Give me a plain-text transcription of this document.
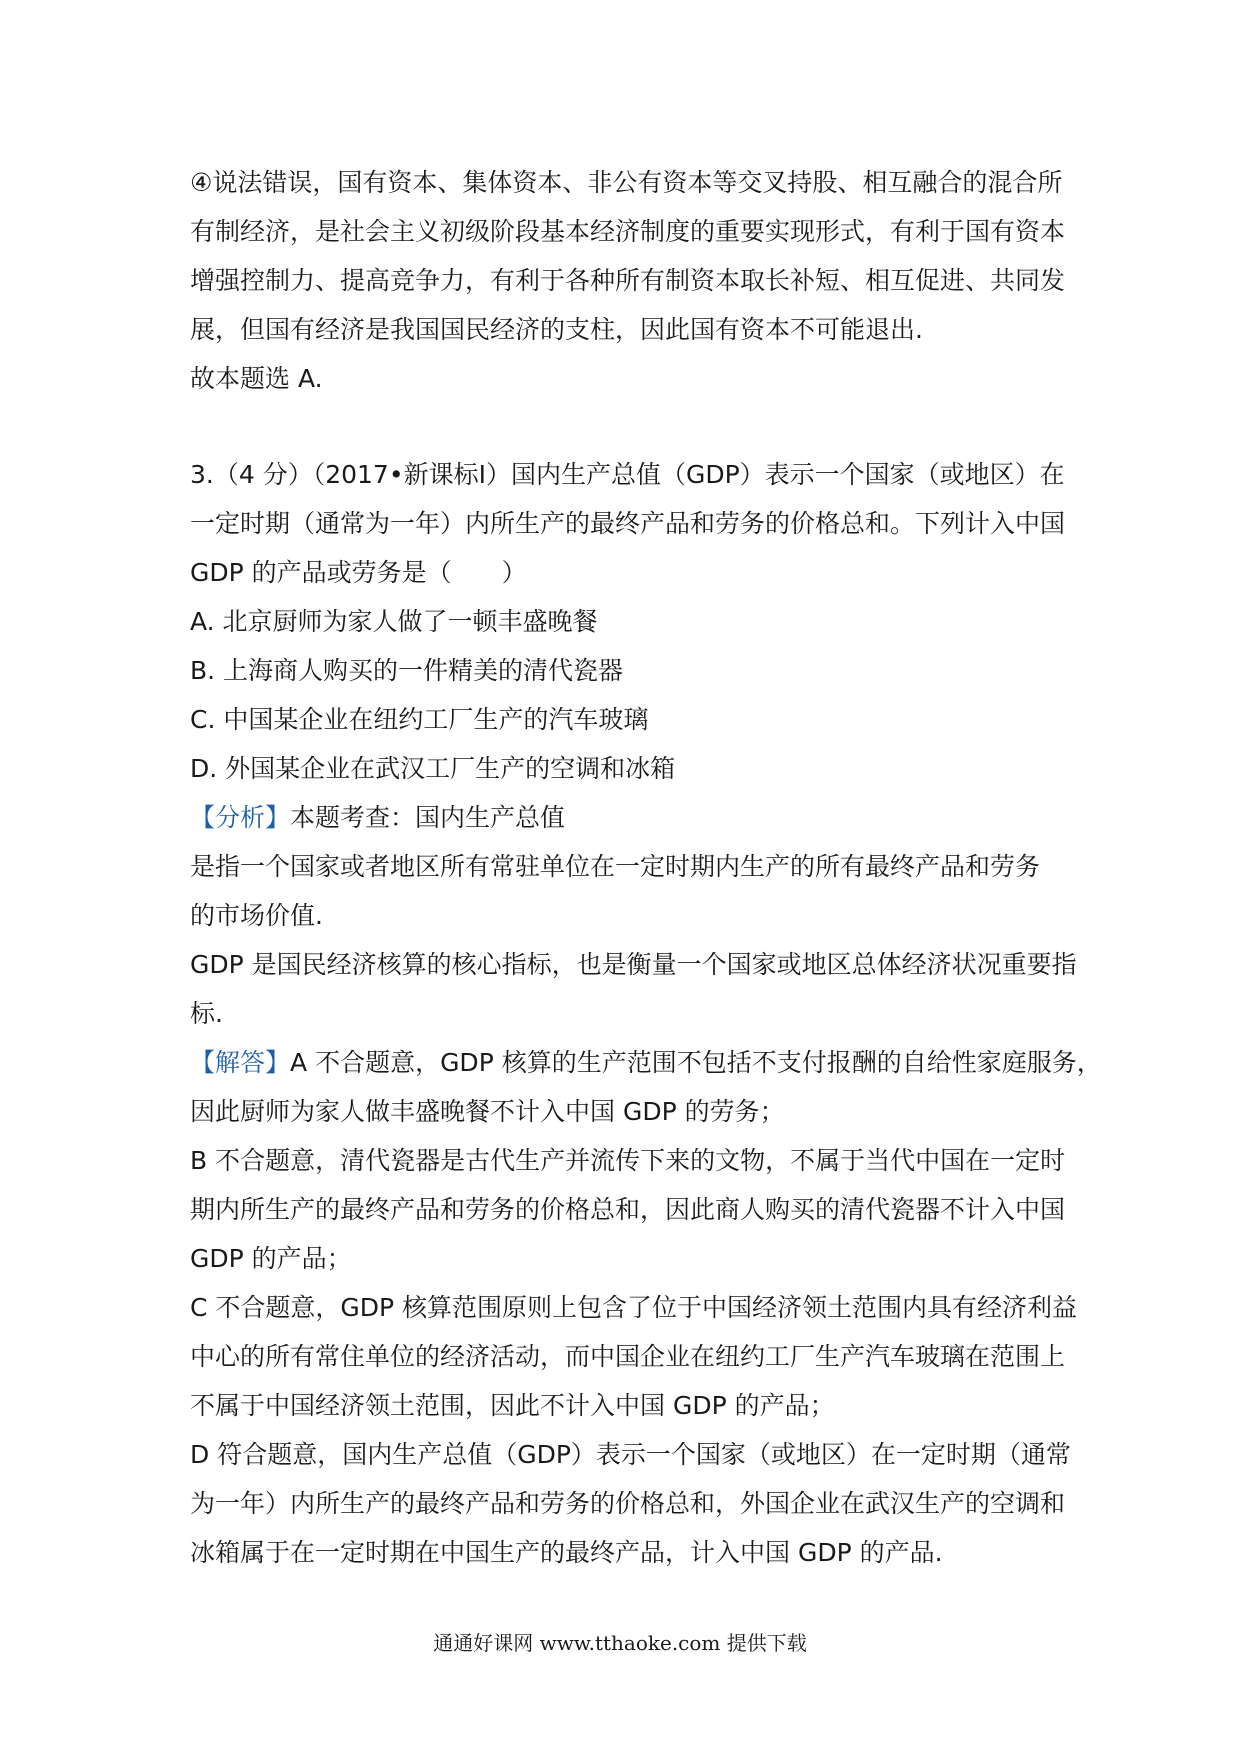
④说法错误，国有资本、集体资本、非公有资本等交叉持股、相互融合的混合所

有制经济，是社会主义初级阶段基本经济制度的重要实现形式，有利于国有资本

增强控制力、提高竞争力，有利于各种所有制资本取长补短、相互促进、共同发

展，但国有经济是我国国民经济的支柱，因此国有资本不可能退出.

故本题选 A.

3.（4 分）（2017•新课标Ⅰ）国内生产总值（GDP）表示一个国家（或地区）在

一定时期（通常为一年）内所生产的最终产品和劳务的价格总和。下列计入中国

GDP 的产品或劳务是（　　）

A. 北京厨师为家人做了一顿丰盛晚餐

B. 上海商人购买的一件精美的清代瓷器

C. 中国某企业在纽约工厂生产的汽车玻璃

D. 外国某企业在武汉工厂生产的空调和冰箱

【分析】本题考查：国内生产总值

是指一个国家或者地区所有常驻单位在一定时期内生产的所有最终产品和劳务

的市场价值.

GDP 是国民经济核算的核心指标，也是衡量一个国家或地区总体经济状况重要指

标.

【解答】A 不合题意，GDP 核算的生产范围不包括不支付报酬的自给性家庭服务，

因此厨师为家人做丰盛晚餐不计入中国 GDP 的劳务；

B 不合题意，清代瓷器是古代生产并流传下来的文物，不属于当代中国在一定时

期内所生产的最终产品和劳务的价格总和，因此商人购买的清代瓷器不计入中国

GDP 的产品；

C 不合题意，GDP 核算范围原则上包含了位于中国经济领土范围内具有经济利益

中心的所有常住单位的经济活动，而中国企业在纽约工厂生产汽车玻璃在范围上

不属于中国经济领土范围，因此不计入中国 GDP 的产品；

D 符合题意，国内生产总值（GDP）表示一个国家（或地区）在一定时期（通常

为一年）内所生产的最终产品和劳务的价格总和，外国企业在武汉生产的空调和

冰箱属于在一定时期在中国生产的最终产品，计入中国 GDP 的产品.

通通好课网 www.tthaoke.com 提供下载
